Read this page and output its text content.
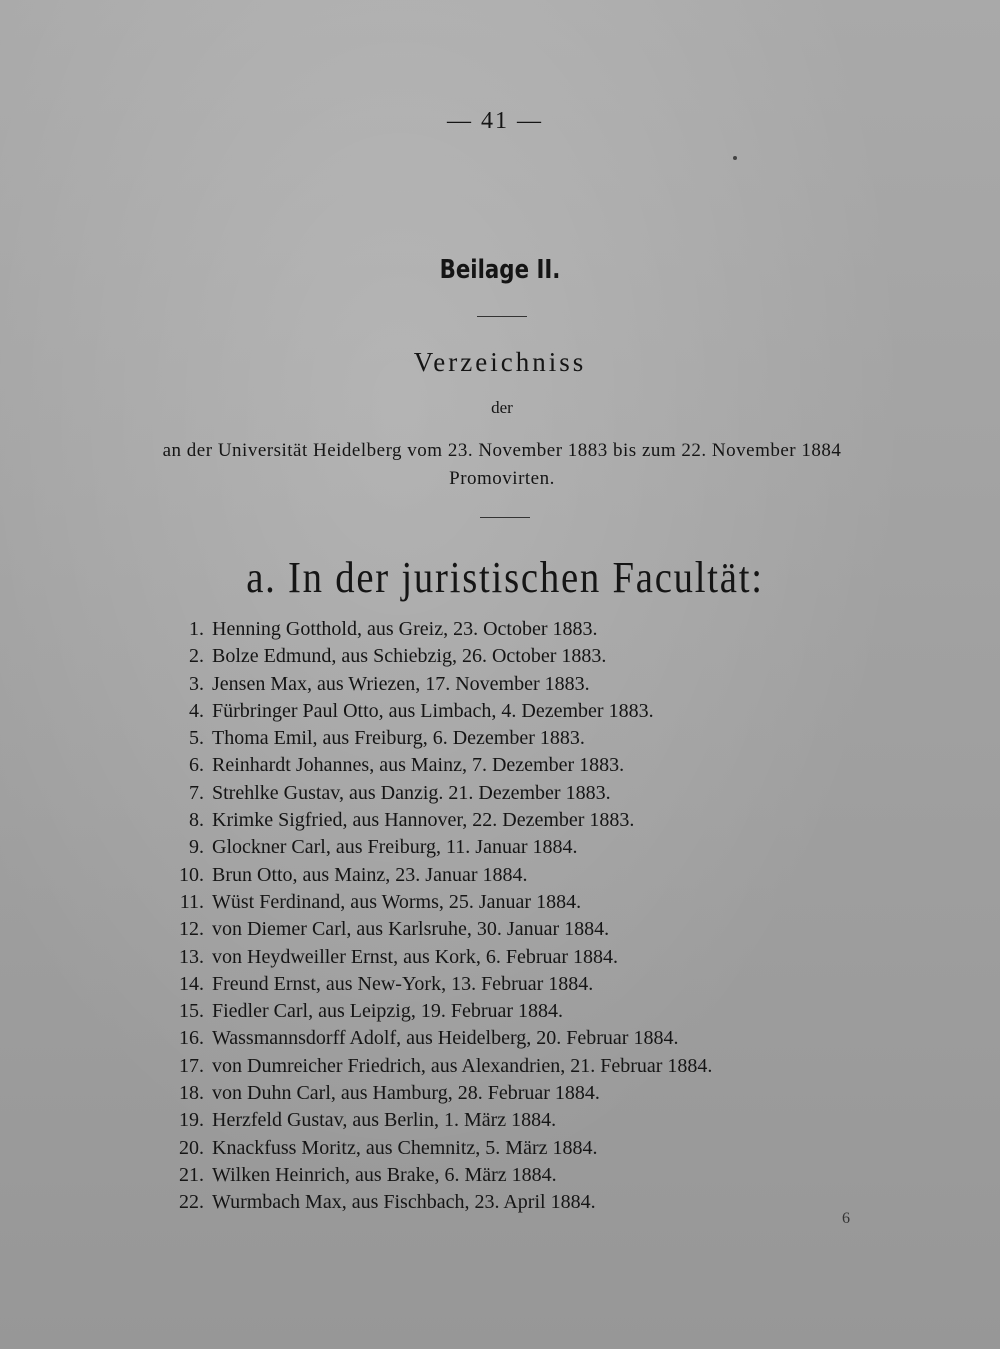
— 41 —
Beilage II.
Verzeichniss
der
an der Universität Heidelberg vom 23. November 1883 bis zum 22. November 1884
Promovirten.
a. In der juristischen Facultät:
1. Henning Gotthold, aus Greiz, 23. October 1883.
2. Bolze Edmund, aus Schiebzig, 26. October 1883.
3. Jensen Max, aus Wriezen, 17. November 1883.
4. Fürbringer Paul Otto, aus Limbach, 4. Dezember 1883.
5. Thoma Emil, aus Freiburg, 6. Dezember 1883.
6. Reinhardt Johannes, aus Mainz, 7. Dezember 1883.
7. Strehlke Gustav, aus Danzig. 21. Dezember 1883.
8. Krimke Sigfried, aus Hannover, 22. Dezember 1883.
9. Glockner Carl, aus Freiburg, 11. Januar 1884.
10. Brun Otto, aus Mainz, 23. Januar 1884.
11. Wüst Ferdinand, aus Worms, 25. Januar 1884.
12. von Diemer Carl, aus Karlsruhe, 30. Januar 1884.
13. von Heydweiller Ernst, aus Kork, 6. Februar 1884.
14. Freund Ernst, aus New-York, 13. Februar 1884.
15. Fiedler Carl, aus Leipzig, 19. Februar 1884.
16. Wassmannsdorff Adolf, aus Heidelberg, 20. Februar 1884.
17. von Dumreicher Friedrich, aus Alexandrien, 21. Februar 1884.
18. von Duhn Carl, aus Hamburg, 28. Februar 1884.
19. Herzfeld Gustav, aus Berlin, 1. März 1884.
20. Knackfuss Moritz, aus Chemnitz, 5. März 1884.
21. Wilken Heinrich, aus Brake, 6. März 1884.
22. Wurmbach Max, aus Fischbach, 23. April 1884.
6
